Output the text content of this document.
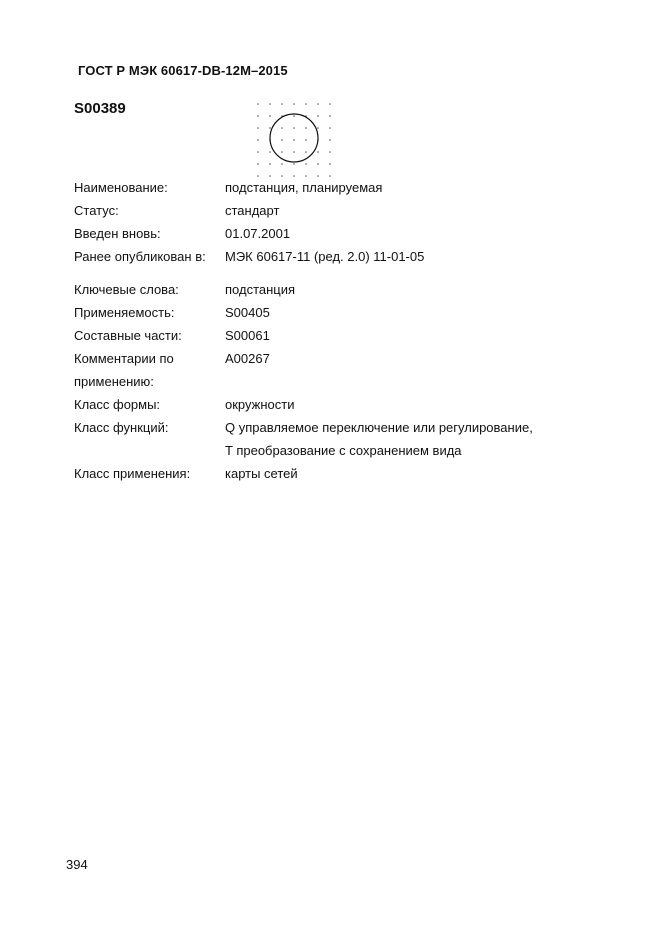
ГОСТ Р МЭК 60617-DB-12M–2015
S00389
Наименование:	подстанция, планируемая
Статус:	стандарт
Введен вновь:	01.07.2001
Ранее опубликован в: МЭК 60617-11 (ред. 2.0) 11-01-05
Ключевые слова:	подстанция
Применяемость:	S00405
Составные части:	S00061
Комментарии по	A00267
применению:
Класс формы:	окружности
Класс функций:	Q управляемое переключение или регулирование,
T преобразование с сохранением вида
Класс применения:	карты сетей
394
